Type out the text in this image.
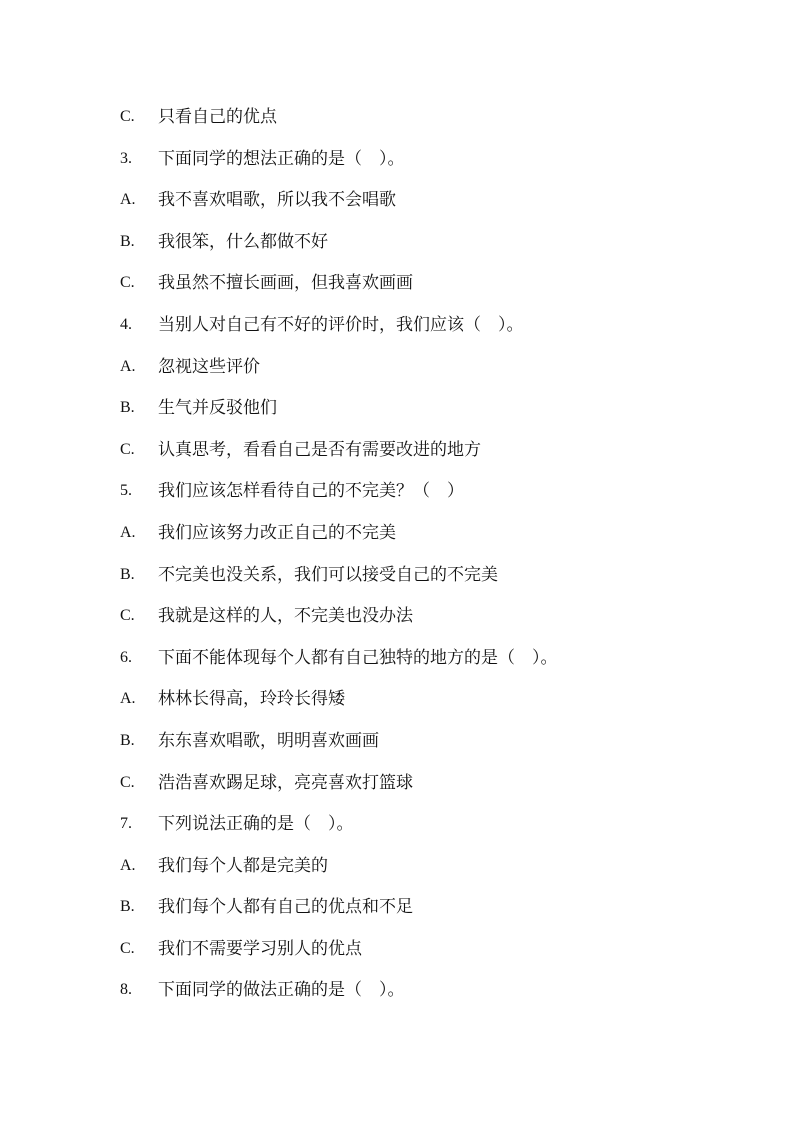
C.	只看自己的优点
3.	下面同学的想法正确的是（　）。
A.	我不喜欢唱歌，所以我不会唱歌
B.	我很笨，什么都做不好
C.	我虽然不擅长画画，但我喜欢画画
4.	当别人对自己有不好的评价时，我们应该（　）。
A.	忽视这些评价
B.	生气并反驳他们
C.	认真思考，看看自己是否有需要改进的地方
5.	我们应该怎样看待自己的不完美？（　）
A.	我们应该努力改正自己的不完美
B.	不完美也没关系，我们可以接受自己的不完美
C.	我就是这样的人，不完美也没办法
6.	下面不能体现每个人都有自己独特的地方的是（　）。
A.	林林长得高，玲玲长得矮
B.	东东喜欢唱歌，明明喜欢画画
C.	浩浩喜欢踢足球，亮亮喜欢打篮球
7.	下列说法正确的是（　）。
A.	我们每个人都是完美的
B.	我们每个人都有自己的优点和不足
C.	我们不需要学习别人的优点
8.	下面同学的做法正确的是（　）。
